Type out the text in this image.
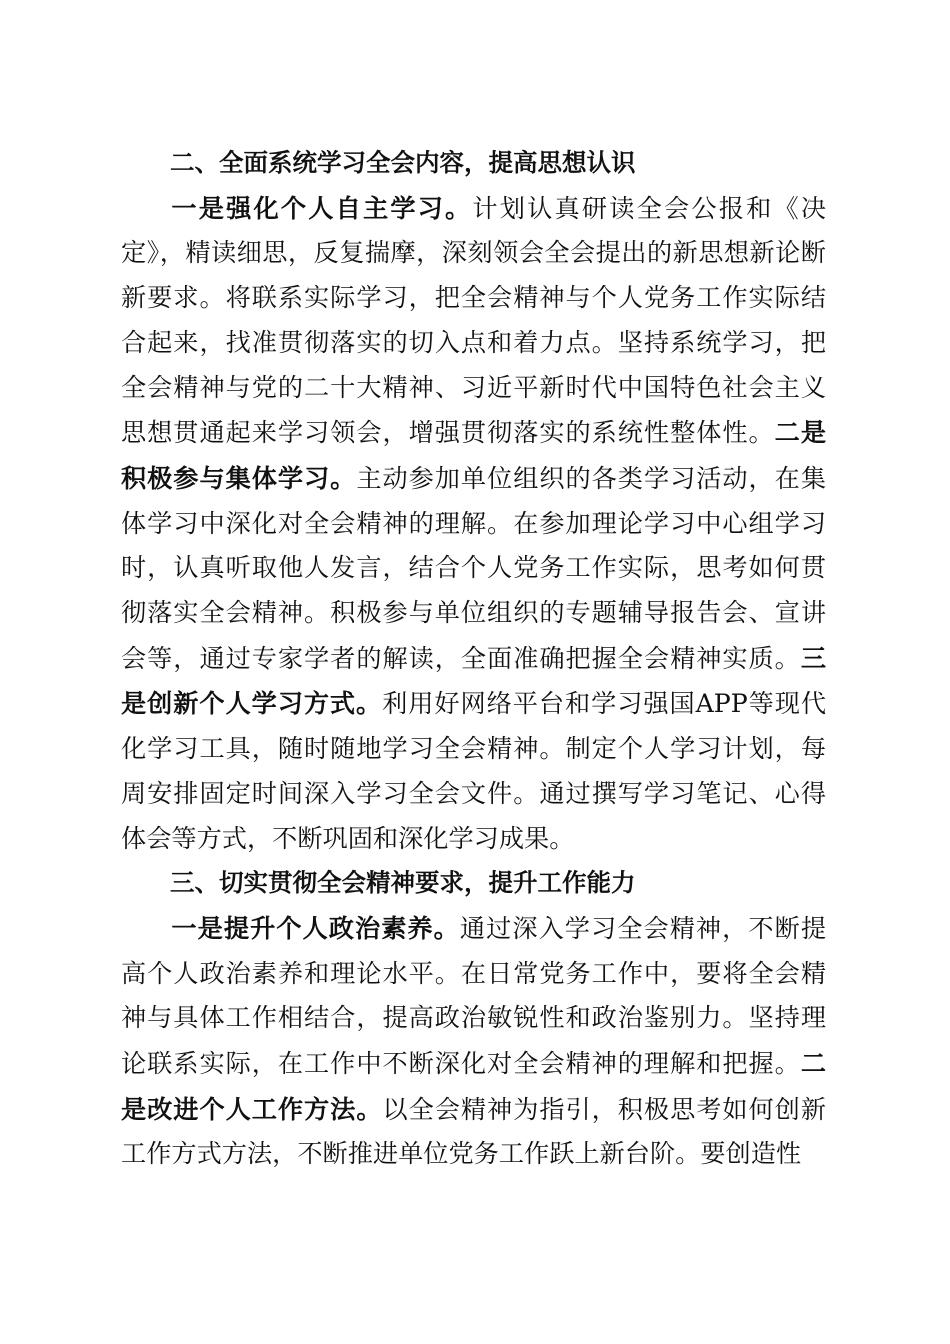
二、全面系统学习全会内容，提高思想认识

一是强化个人自主学习。计划认真研读全会公报和《决定》，精读细思，反复揣摩，深刻领会全会提出的新思想新论断新要求。将联系实际学习，把全会精神与个人党务工作实际结合起来，找准贯彻落实的切入点和着力点。坚持系统学习，把全会精神与党的二十大精神、习近平新时代中国特色社会主义思想贯通起来学习领会，增强贯彻落实的系统性整体性。二是积极参与集体学习。主动参加单位组织的各类学习活动，在集体学习中深化对全会精神的理解。在参加理论学习中心组学习时，认真听取他人发言，结合个人党务工作实际，思考如何贯彻落实全会精神。积极参与单位组织的专题辅导报告会、宣讲会等，通过专家学者的解读，全面准确把握全会精神实质。三是创新个人学习方式。利用好网络平台和学习强国APP等现代化学习工具，随时随地学习全会精神。制定个人学习计划，每周安排固定时间深入学习全会文件。通过撰写学习笔记、心得体会等方式，不断巩固和深化学习成果。

三、切实贯彻全会精神要求，提升工作能力

一是提升个人政治素养。通过深入学习全会精神，不断提高个人政治素养和理论水平。在日常党务工作中，要将全会精神与具体工作相结合，提高政治敏锐性和政治鉴别力。坚持理论联系实际，在工作中不断深化对全会精神的理解和把握。二是改进个人工作方法。以全会精神为指引，积极思考如何创新工作方式方法，不断推进单位党务工作跃上新台阶。要创造性
